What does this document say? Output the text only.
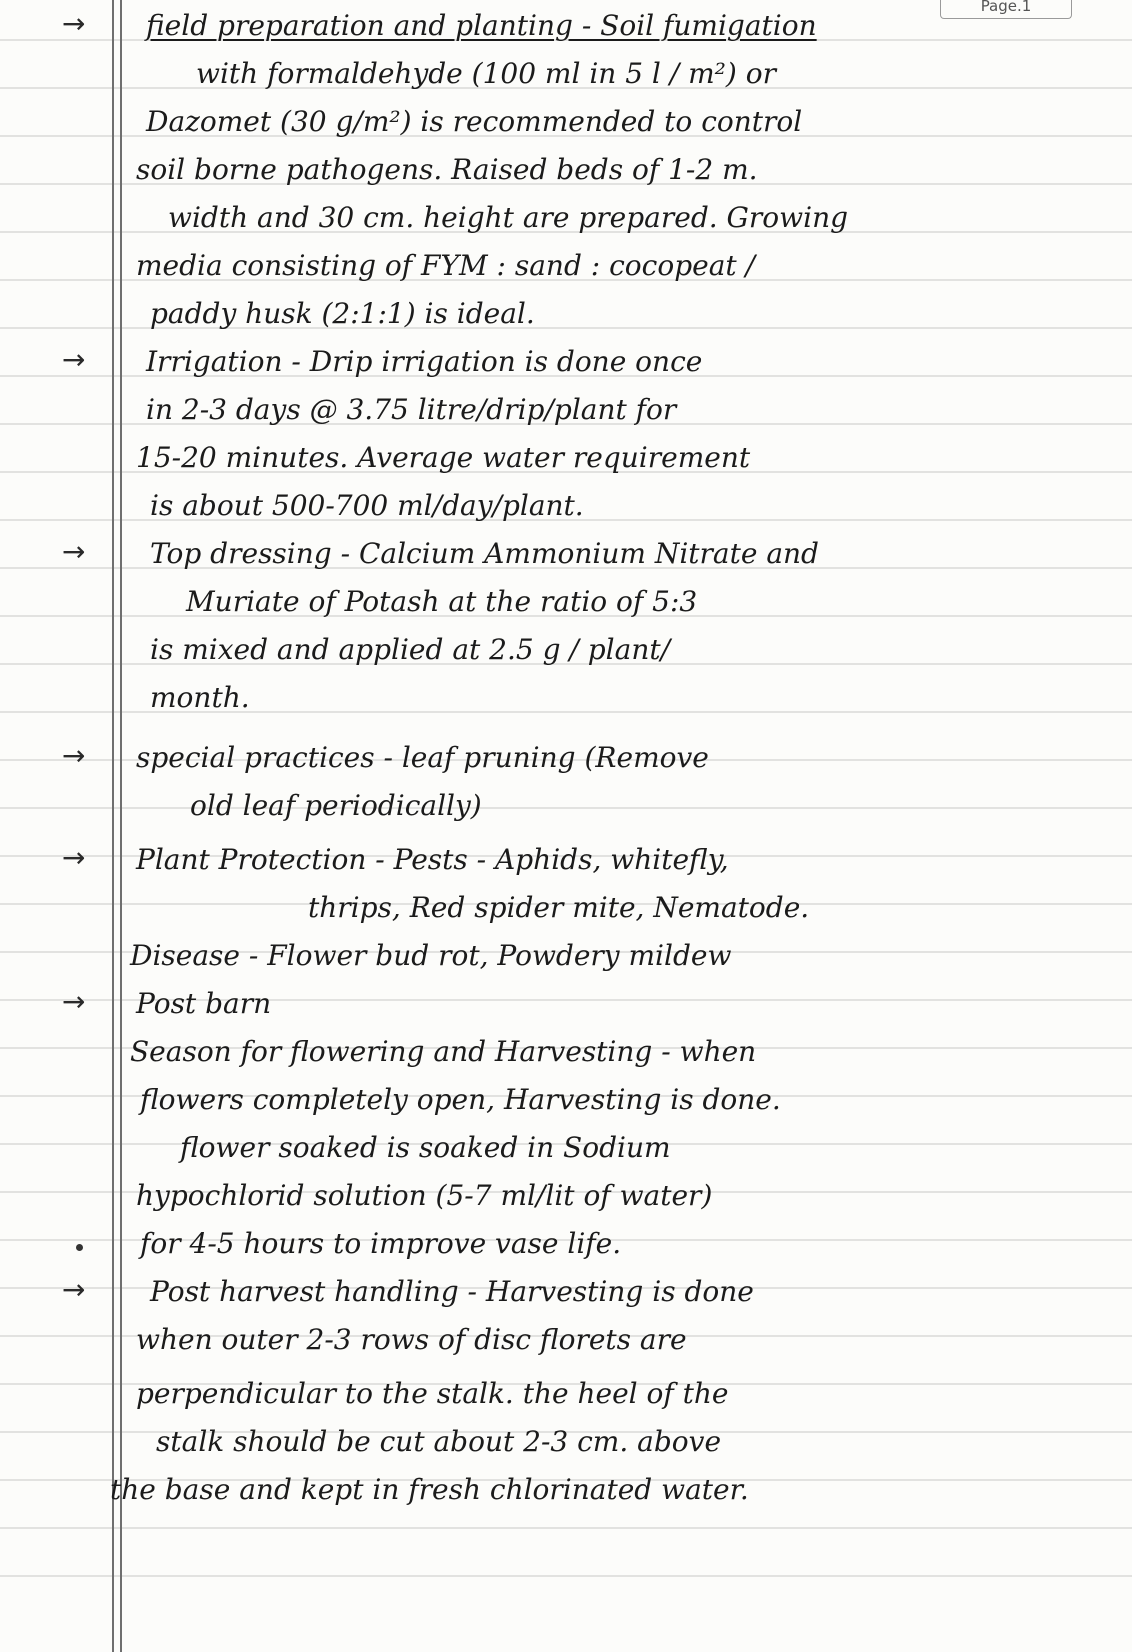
Page.1
field preparation and planting - Soil fumigation
→
with formaldehyde (100 ml in 5 l / m²) or
Dazomet (30 g/m²) is recommended to control
soil borne pathogens. Raised beds of 1-2 m.
width and 30 cm. height are prepared. Growing
media consisting of FYM : sand : cocopeat /
paddy husk (2:1:1) is ideal.
Irrigation - Drip irrigation is done once
→
in 2-3 days @ 3.75 litre/drip/plant for
15-20 minutes. Average water requirement
is about 500-700 ml/day/plant.
Top dressing - Calcium Ammonium Nitrate and
→
Muriate of Potash at the ratio of 5:3
is mixed and applied at 2.5 g / plant/
month.
special practices - leaf pruning (Remove
→
old leaf periodically)
Plant Protection - Pests - Aphids, whitefly,
→
thrips, Red spider mite, Nematode.
Disease - Flower bud rot, Powdery mildew
Post barn
→
Season for flowering and Harvesting - when
flowers completely open, Harvesting is done.
flower soaked is soaked in Sodium
hypochlorid solution (5-7 ml/lit of water)
for 4-5 hours to improve vase life.
Post harvest handling - Harvesting is done
→
when outer 2-3 rows of disc florets are
perpendicular to the stalk. the heel of the
stalk should be cut about 2-3 cm. above
the base and kept in fresh chlorinated water.
